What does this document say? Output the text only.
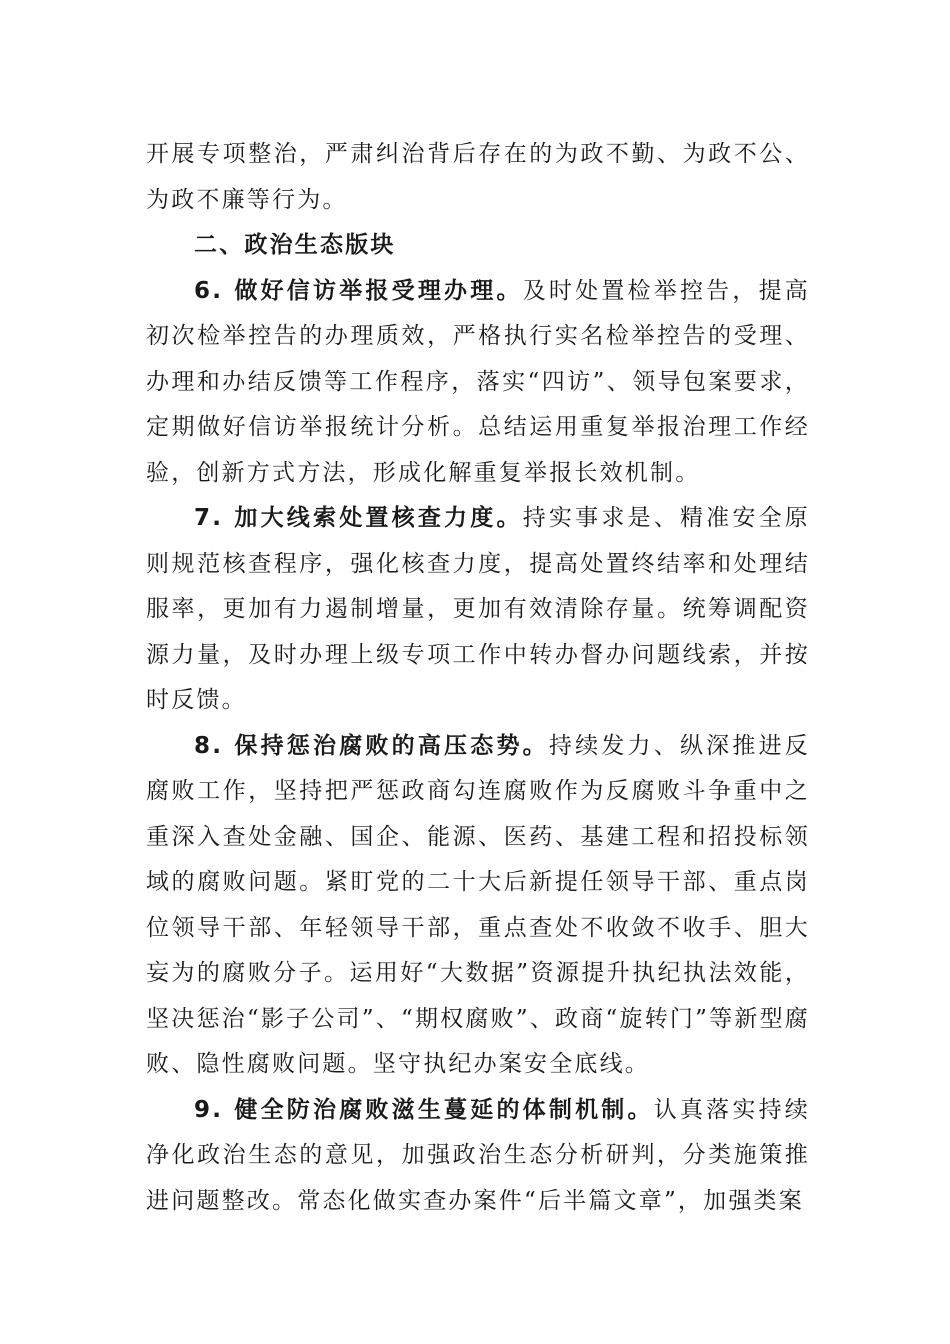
开展专项整治，严肃纠治背后存在的为政不勤、为政不公、为政不廉等行为。

二、政治生态版块

6. 做好信访举报受理办理。及时处置检举控告，提高初次检举控告的办理质效，严格执行实名检举控告的受理、办理和办结反馈等工作程序，落实“四访”、领导包案要求，定期做好信访举报统计分析。总结运用重复举报治理工作经验，创新方式方法，形成化解重复举报长效机制。

7. 加大线索处置核查力度。持实事求是、精准安全原则规范核查程序，强化核查力度，提高处置终结率和处理结服率，更加有力遏制增量，更加有效清除存量。统筹调配资源力量，及时办理上级专项工作中转办督办问题线索，并按时反馈。

8. 保持惩治腐败的高压态势。持续发力、纵深推进反腐败工作，坚持把严惩政商勾连腐败作为反腐败斗争重中之重深入查处金融、国企、能源、医药、基建工程和招投标领域的腐败问题。紧盯党的二十大后新提任领导干部、重点岗位领导干部、年轻领导干部，重点查处不收敛不收手、胆大妄为的腐败分子。运用好“大数据”资源提升执纪执法效能，坚决惩治“影子公司”、“期权腐败”、政商“旋转门”等新型腐败、隐性腐败问题。坚守执纪办案安全底线。

9. 健全防治腐败滋生蔓延的体制机制。认真落实持续净化政治生态的意见，加强政治生态分析研判，分类施策推进问题整改。常态化做实查办案件“后半篇文章”，加强类案
